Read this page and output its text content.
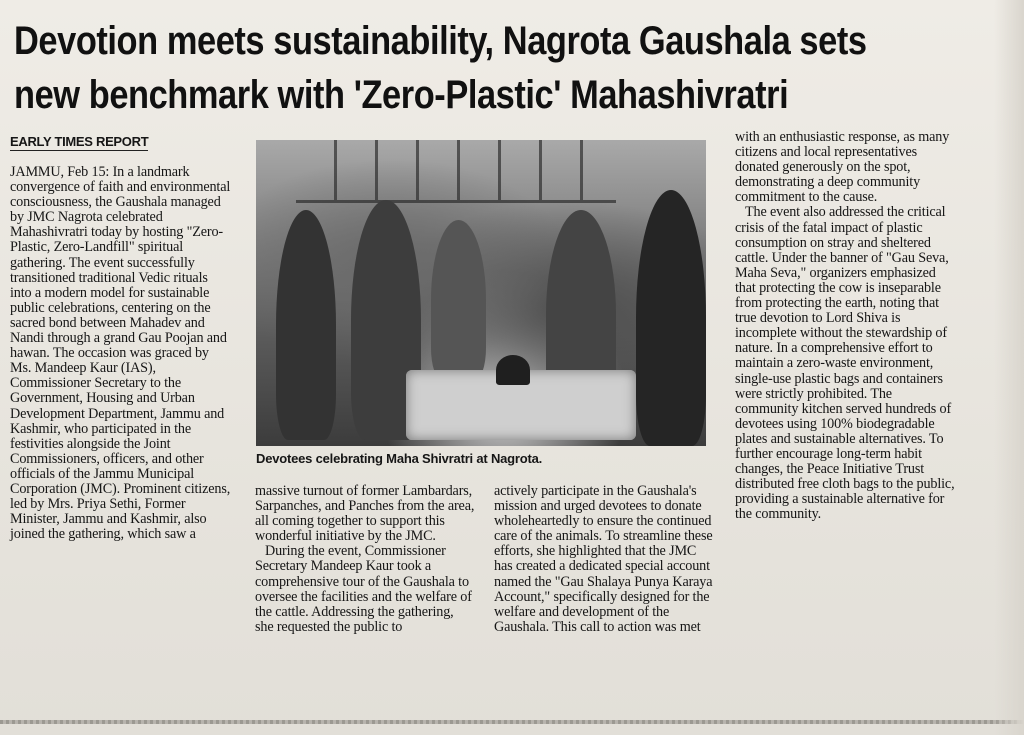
Devotion meets sustainability, Nagrota Gaushala sets
new benchmark with 'Zero-Plastic' Mahashivratri
EARLY TIMES REPORT

JAMMU, Feb 15: In a landmark convergence of faith and environmental consciousness, the Gaushala managed by JMC Nagrota celebrated Mahashivratri today by hosting "Zero-Plastic, Zero-Landfill" spiritual gathering. The event successfully transitioned traditional Vedic rituals into a modern model for sustainable public celebrations, centering on the sacred bond between Mahadev and Nandi through a grand Gau Poojan and hawan. The occasion was graced by Ms. Mandeep Kaur (IAS), Commissioner Secretary to the Government, Housing and Urban Development Department, Jammu and Kashmir, who participated in the festivities alongside the Joint Commissioners, officers, and other officials of the Jammu Municipal Corporation (JMC). Prominent citizens, led by Mrs. Priya Sethi, Former Minister, Jammu and Kashmir, also joined the gathering, which saw a

Devotees celebrating Maha Shivratri at Nagrota.

massive turnout of former Lambardars, Sarpanches, and Panches from the area, all coming together to support this wonderful initiative by the JMC.

During the event, Commissioner Secretary Mandeep Kaur took a comprehensive tour of the Gaushala to oversee the facilities and the welfare of the cattle. Addressing the gathering, she requested the public to

actively participate in the Gaushala's mission and urged devotees to donate wholeheartedly to ensure the continued care of the animals. To streamline these efforts, she highlighted that the JMC has created a dedicated special account named the "Gau Shalaya Punya Karaya Account," specifically designed for the welfare and development of the Gaushala. This call to action was met

with an enthusiastic response, as many citizens and local representatives donated generously on the spot, demonstrating a deep community commitment to the cause.

The event also addressed the critical crisis of the fatal impact of plastic consumption on stray and sheltered cattle. Under the banner of "Gau Seva, Maha Seva," organizers emphasized that protecting the cow is inseparable from protecting the earth, noting that true devotion to Lord Shiva is incomplete without the stewardship of nature. In a comprehensive effort to maintain a zero-waste environment, single-use plastic bags and containers were strictly prohibited. The community kitchen served hundreds of devotees using 100% biodegradable plates and sustainable alternatives. To further encourage long-term habit changes, the Peace Initiative Trust distributed free cloth bags to the public, providing a sustainable alternative for the community.
